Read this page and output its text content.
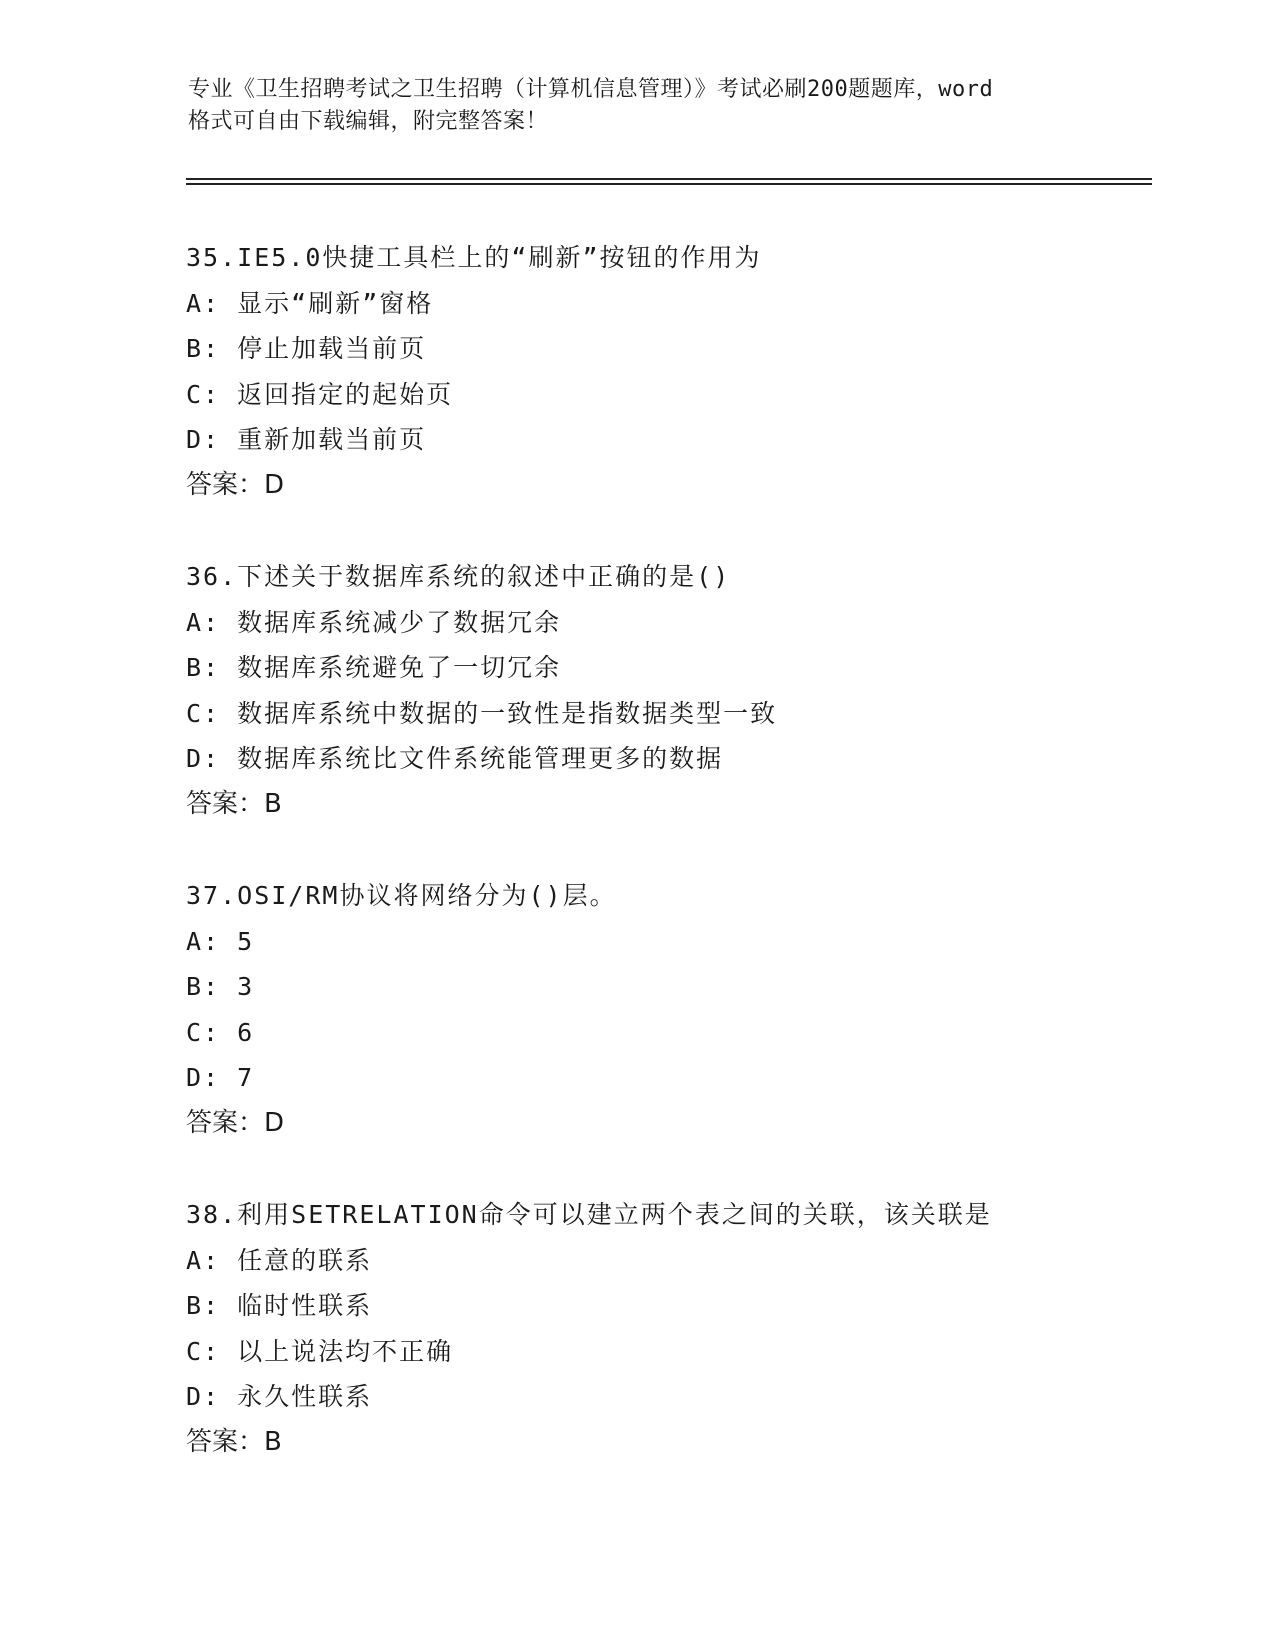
专业《卫生招聘考试之卫生招聘（计算机信息管理）》考试必刷200题题库，word
格式可自由下载编辑，附完整答案！
35.IE5.0快捷工具栏上的“刷新”按钮的作用为
A: 显示“刷新”窗格
B: 停止加载当前页
C: 返回指定的起始页
D: 重新加载当前页
答案：D
36.下述关于数据库系统的叙述中正确的是()
A: 数据库系统减少了数据冗余
B: 数据库系统避免了一切冗余
C: 数据库系统中数据的一致性是指数据类型一致
D: 数据库系统比文件系统能管理更多的数据
答案：B
37.OSI/RM协议将网络分为()层。
A: 5
B: 3
C: 6
D: 7
答案：D
38.利用SETRELATION命令可以建立两个表之间的关联，该关联是
A: 任意的联系
B: 临时性联系
C: 以上说法均不正确
D: 永久性联系
答案：B
